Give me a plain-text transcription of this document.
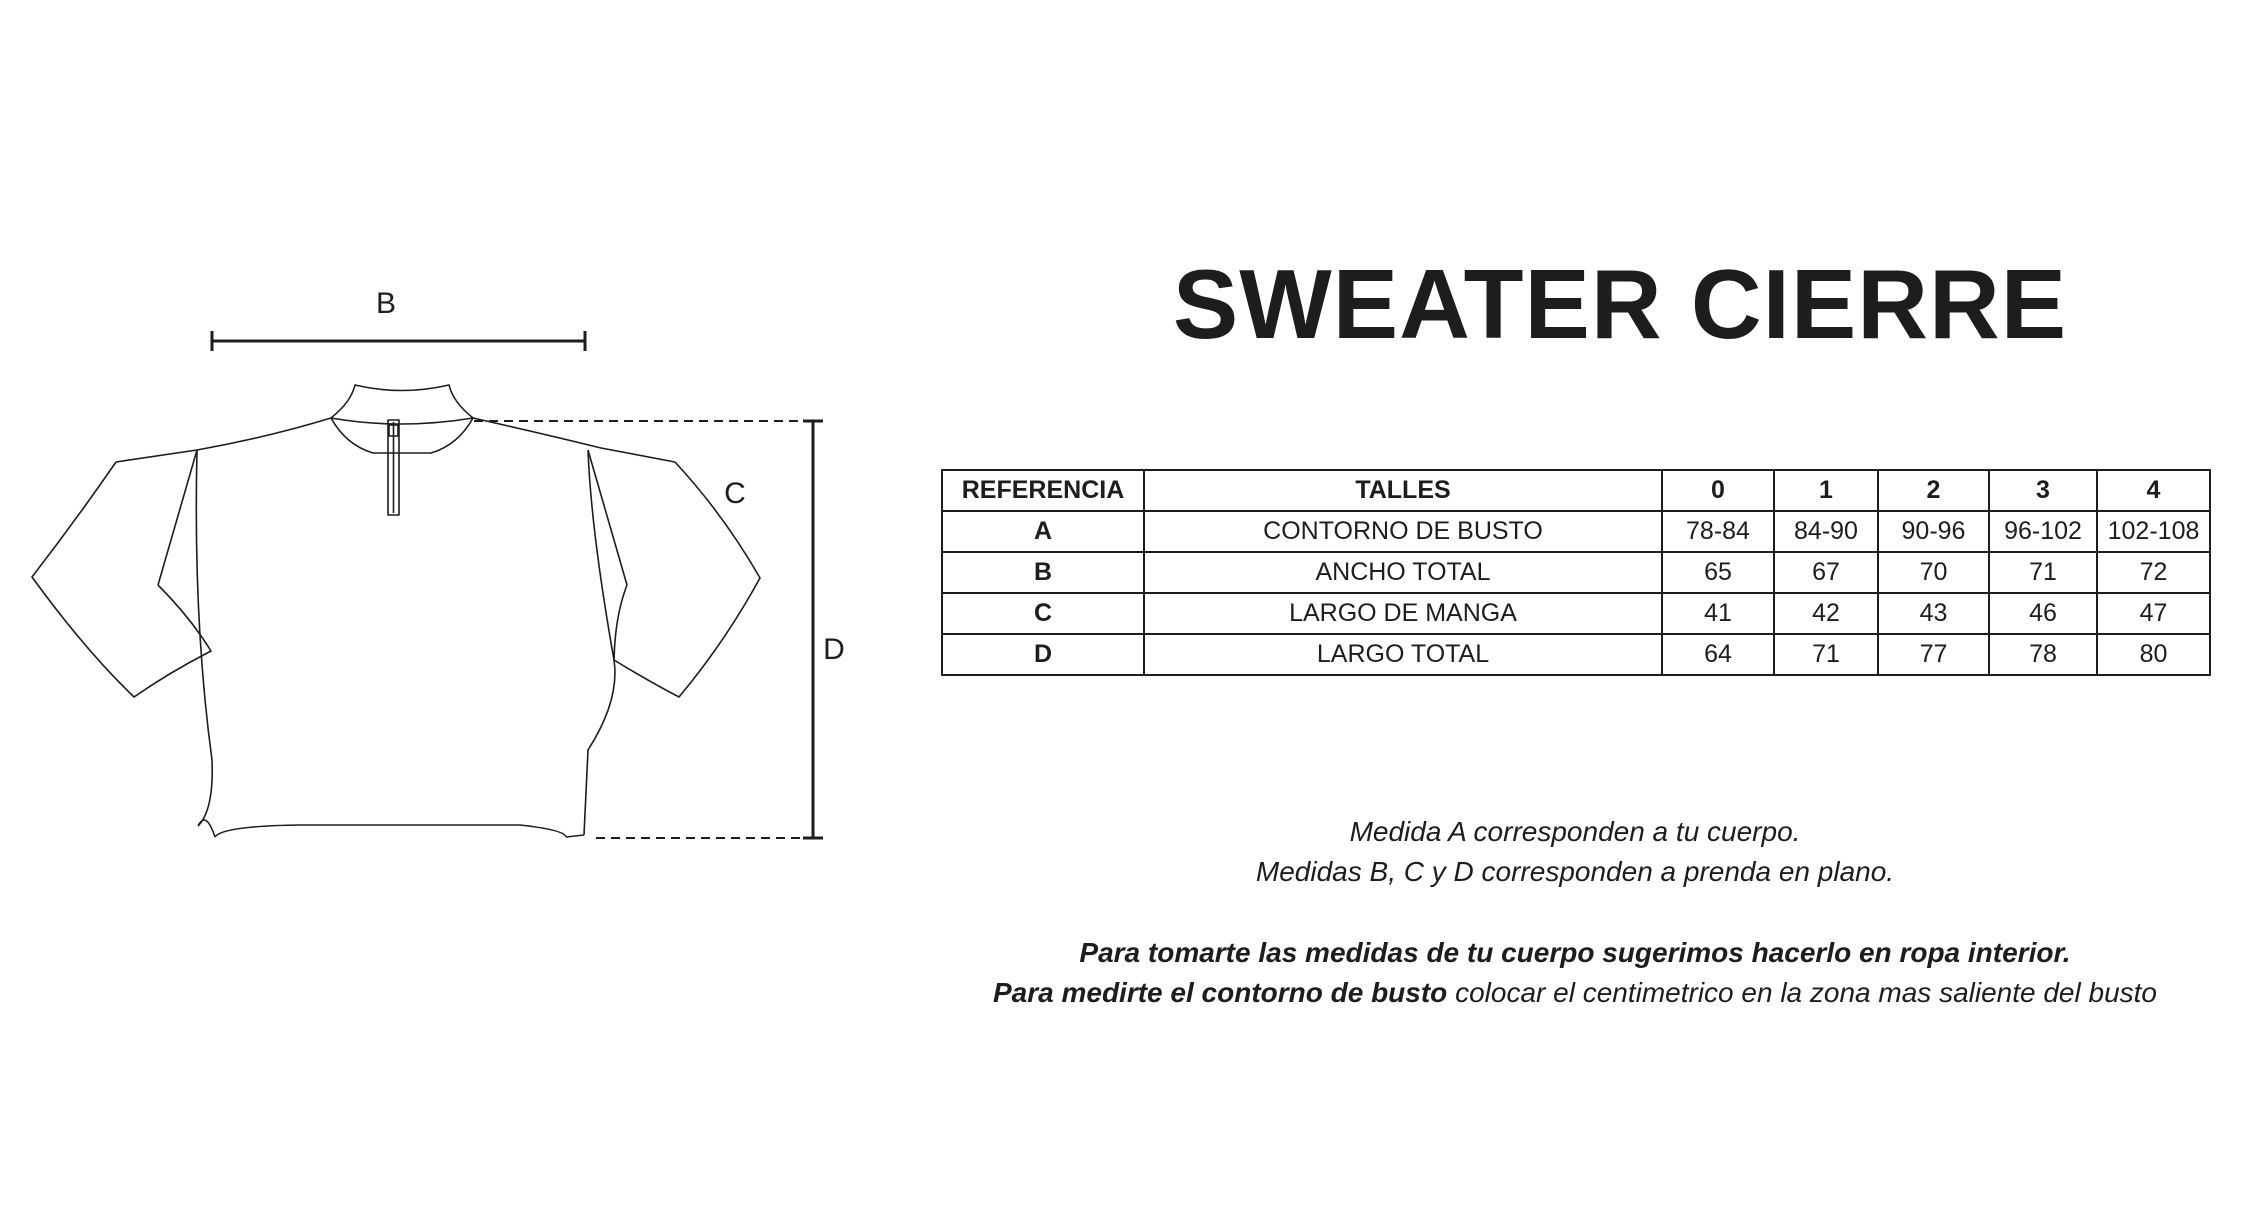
B
C
D
SWEATER CIERRE
REFERENCIA	TALLES	0	1	2	3	4
A	CONTORNO DE BUSTO	78-84	84-90	90-96	96-102	102-108
B	ANCHO TOTAL	65	67	70	71	72
C	LARGO DE MANGA	41	42	43	46	47
D	LARGO TOTAL	64	71	77	78	80
Medida A corresponden a tu cuerpo.
Medidas B, C y D corresponden a prenda en plano.
Para tomarte las medidas de tu cuerpo sugerimos hacerlo en ropa interior.
Para medirte el contorno de busto colocar el centimetrico en la zona mas saliente del busto
